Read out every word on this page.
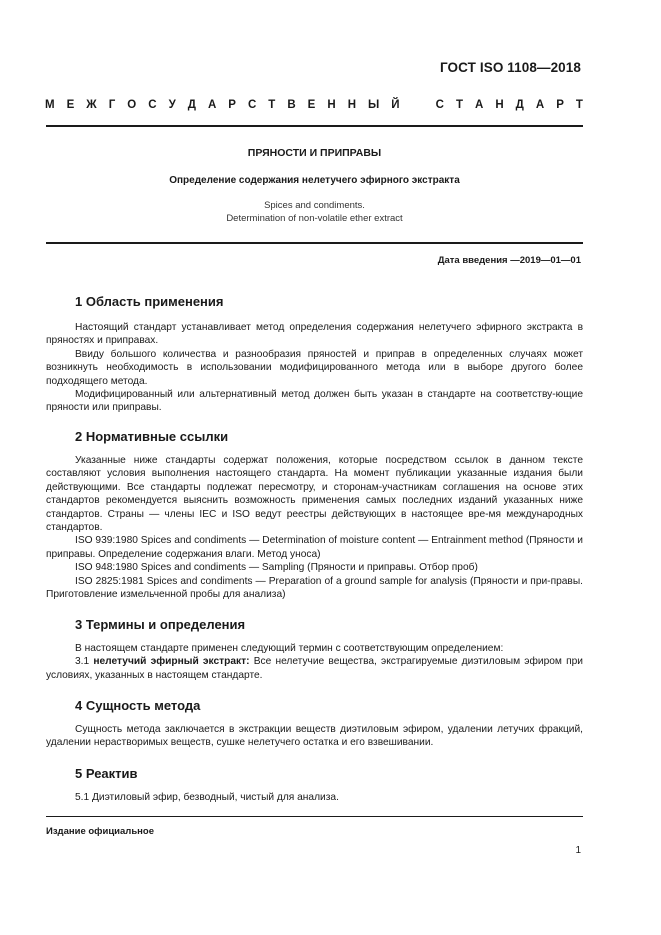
ГОСТ ISO 1108—2018
М Е Ж Г О С У Д А Р С Т В Е Н Н Ы Й	С Т А Н Д А Р Т
ПРЯНОСТИ И ПРИПРАВЫ
Определение содержания нелетучего эфирного экстракта
Spices and condiments.
Determination of non-volatile ether extract
Дата введения —2019—01—01
1 Область применения
Настоящий стандарт устанавливает метод определения содержания нелетучего эфирного экстракта в пряностях и приправах.
Ввиду большого количества и разнообразия пряностей и приправ в определенных случаях может возникнуть необходимость в использовании модифицированного метода или в выборе другого более подходящего метода.
Модифицированный или альтернативный метод должен быть указан в стандарте на соответству-ющие пряности или приправы.
2 Нормативные ссылки
Указанные ниже стандарты содержат положения, которые посредством ссылок в данном тексте составляют условия выполнения настоящего стандарта. На момент публикации указанные издания были действующими. Все стандарты подлежат пересмотру, и сторонам-участникам соглашения на основе этих стандартов рекомендуется выяснить возможность применения самых последних изданий указанных ниже стандартов. Страны — члены IEC и ISO ведут реестры действующих в настоящее вре-мя международных стандартов.
ISO 939:1980 Spices and condiments — Determination of moisture content — Entrainment method (Пряности и приправы. Определение содержания влаги. Метод уноса)
ISO 948:1980 Spices and condiments — Sampling (Пряности и приправы. Отбор проб)
ISO 2825:1981 Spices and condiments — Preparation of a ground sample for analysis (Пряности и при-правы. Приготовление измельченной пробы для анализа)
3 Термины и определения
В настоящем стандарте применен следующий термин с соответствующим определением:
3.1 нелетучий эфирный экстракт: Все нелетучие вещества, экстрагируемые диэтиловым эфиром при условиях, указанных в настоящем стандарте.
4 Сущность метода
Сущность метода заключается в экстракции веществ диэтиловым эфиром, удалении летучих фракций, удалении нерастворимых веществ, сушке нелетучего остатка и его взвешивании.
5 Реактив
5.1 Диэтиловый эфир, безводный, чистый для анализа.
Издание официальное
1
